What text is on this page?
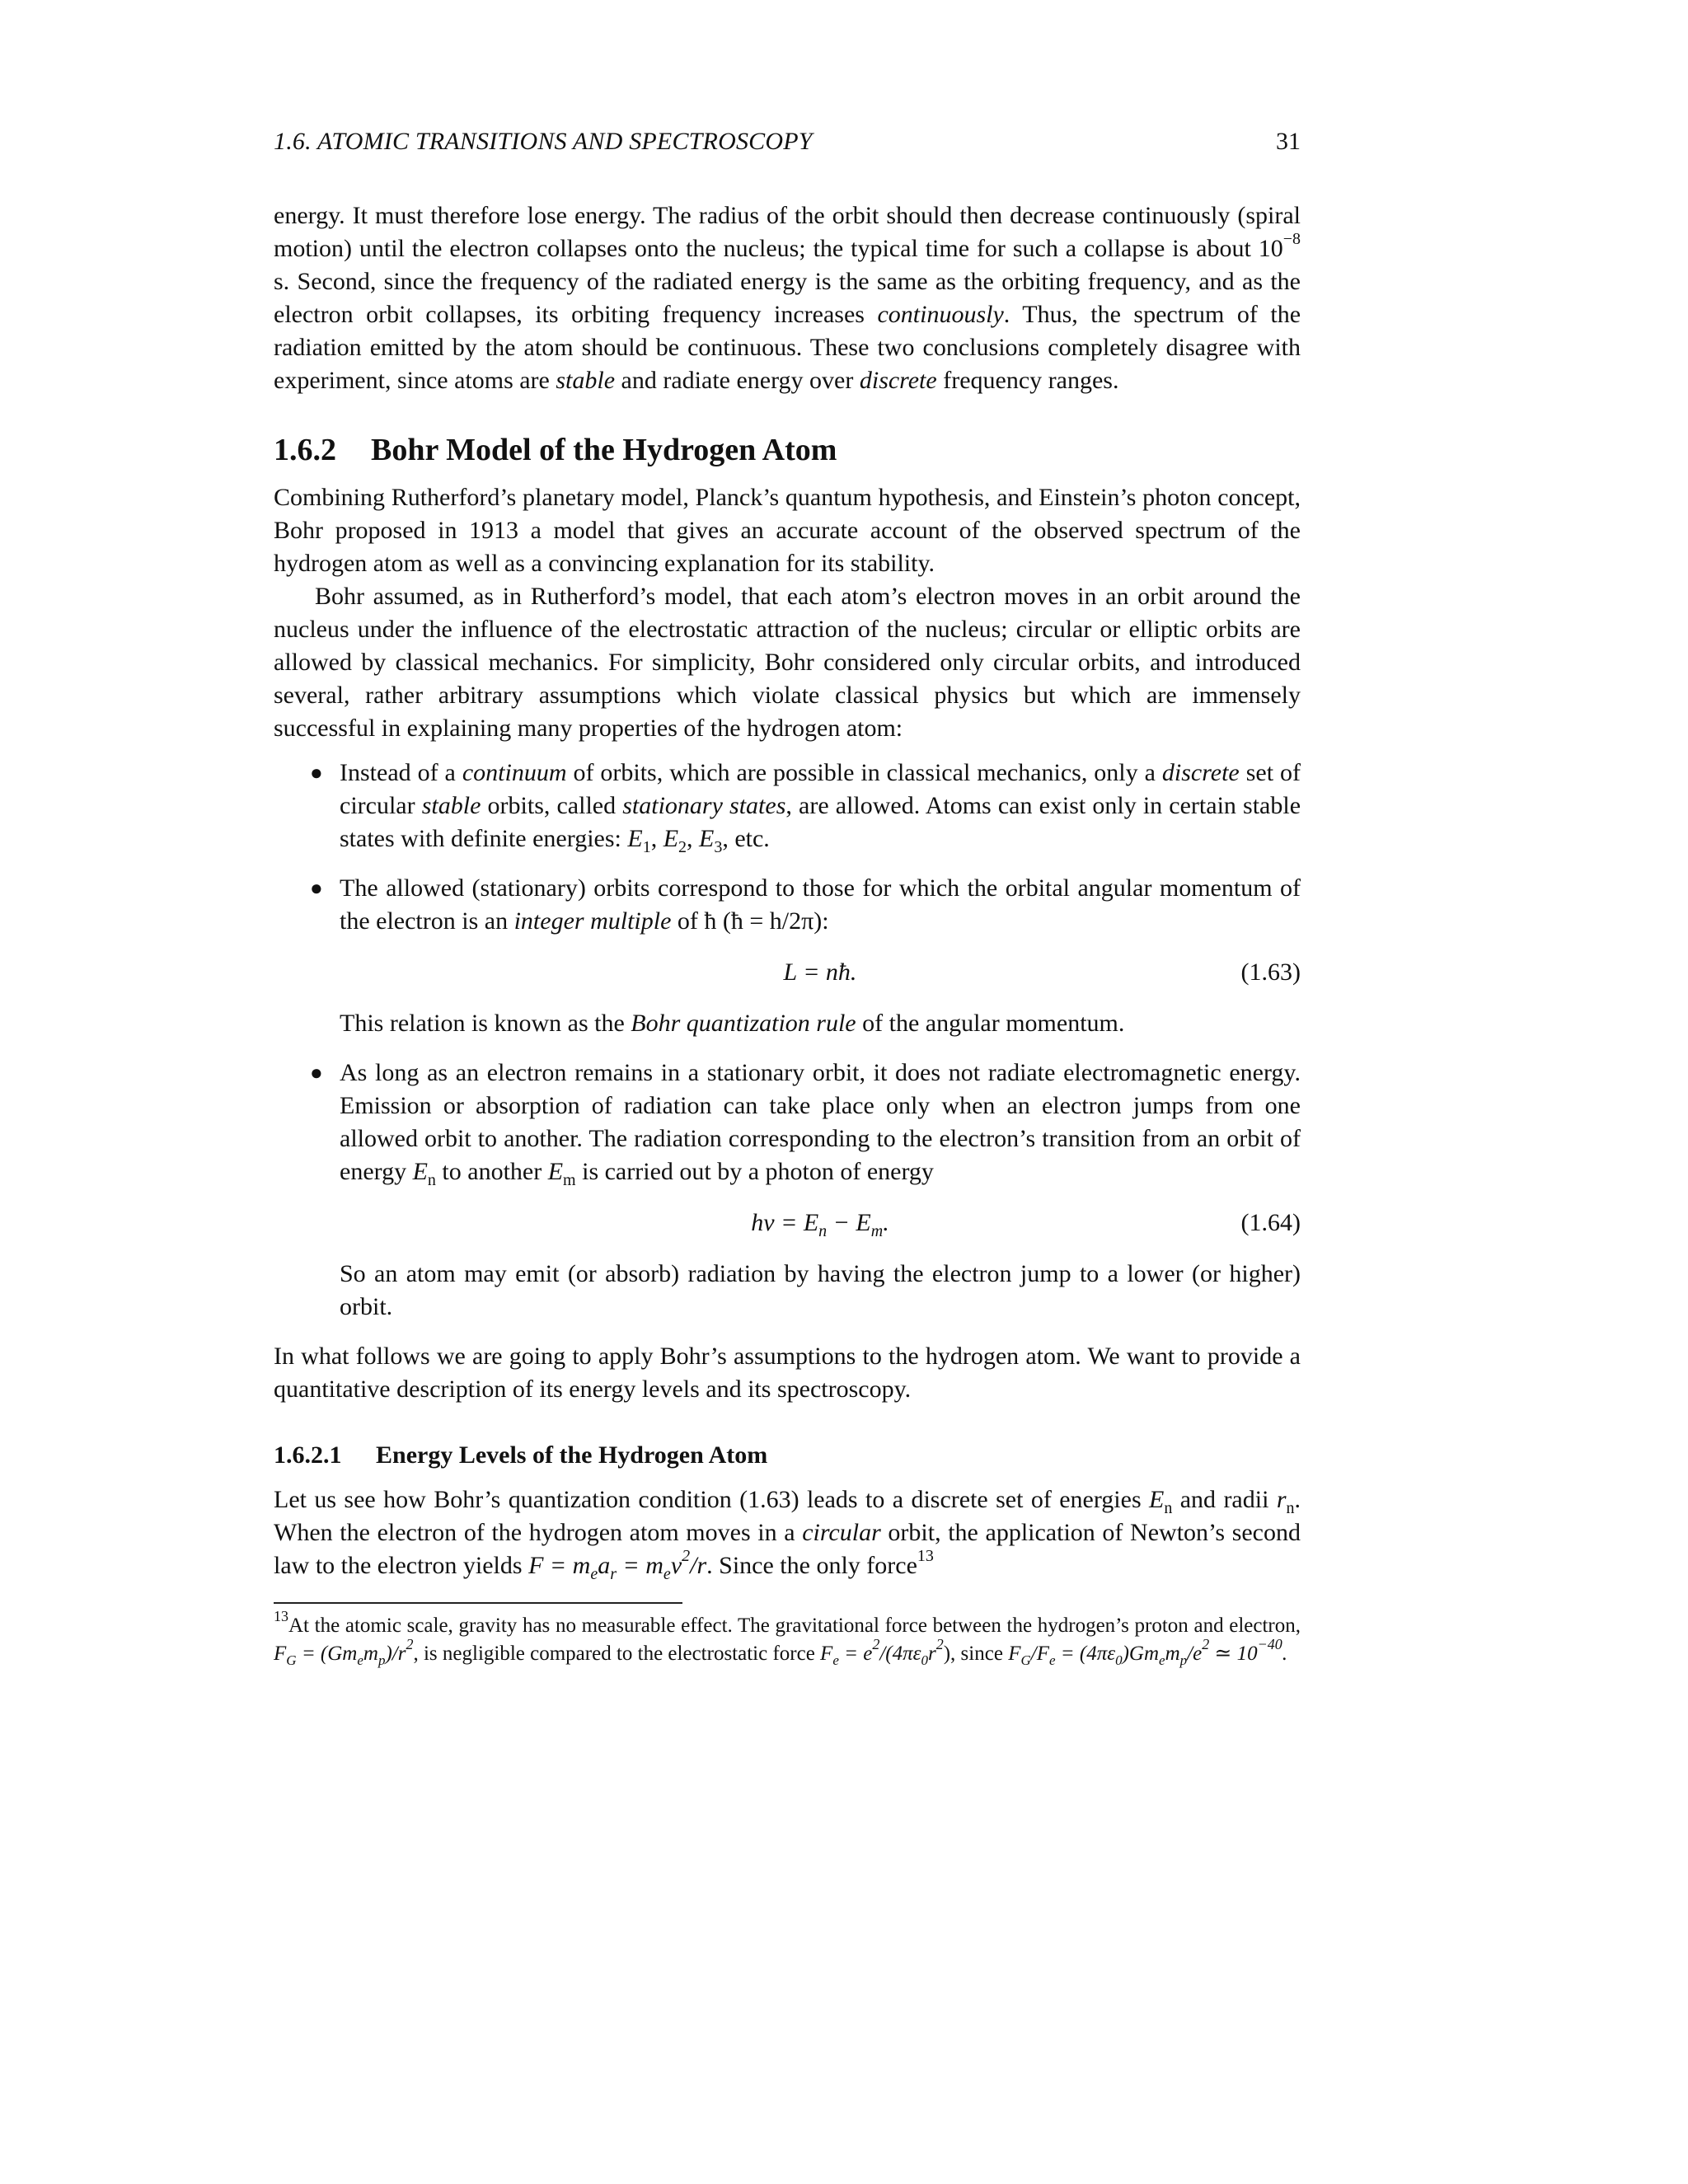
1.6. ATOMIC TRANSITIONS AND SPECTROSCOPY	31

energy. It must therefore lose energy. The radius of the orbit should then decrease continuously (spiral motion) until the electron collapses onto the nucleus; the typical time for such a collapse is about $10^{-8}$ s. Second, since the frequency of the radiated energy is the same as the orbiting frequency, and as the electron orbit collapses, its orbiting frequency increases continuously. Thus, the spectrum of the radiation emitted by the atom should be continuous. These two conclusions completely disagree with experiment, since atoms are stable and radiate energy over discrete frequency ranges.

1.6.2 Bohr Model of the Hydrogen Atom

Combining Rutherford’s planetary model, Planck’s quantum hypothesis, and Einstein’s photon concept, Bohr proposed in 1913 a model that gives an accurate account of the observed spectrum of the hydrogen atom as well as a convincing explanation for its stability.

Bohr assumed, as in Rutherford’s model, that each atom’s electron moves in an orbit around the nucleus under the influence of the electrostatic attraction of the nucleus; circular or elliptic orbits are allowed by classical mechanics. For simplicity, Bohr considered only circular orbits, and introduced several, rather arbitrary assumptions which violate classical physics but which are immensely successful in explaining many properties of the hydrogen atom:

● Instead of a continuum of orbits, which are possible in classical mechanics, only a discrete set of circular stable orbits, called stationary states, are allowed. Atoms can exist only in certain stable states with definite energies: $E_1$, $E_2$, $E_3$, etc.

● The allowed (stationary) orbits correspond to those for which the orbital angular momentum of the electron is an integer multiple of ħ (ħ = h/2π):

L = nħ.	(1.63)

This relation is known as the Bohr quantization rule of the angular momentum.

● As long as an electron remains in a stationary orbit, it does not radiate electromagnetic energy. Emission or absorption of radiation can take place only when an electron jumps from one allowed orbit to another. The radiation corresponding to the electron’s transition from an orbit of energy $E_n$ to another $E_m$ is carried out by a photon of energy

$h\nu = E_n - E_m$.	(1.64)

So an atom may emit (or absorb) radiation by having the electron jump to a lower (or higher) orbit.

In what follows we are going to apply Bohr’s assumptions to the hydrogen atom. We want to provide a quantitative description of its energy levels and its spectroscopy.

1.6.2.1 Energy Levels of the Hydrogen Atom

Let us see how Bohr’s quantization condition (1.63) leads to a discrete set of energies $E_n$ and radii $r_n$. When the electron of the hydrogen atom moves in a circular orbit, the application of Newton’s second law to the electron yields $F = m_ea_r = m_ev^2/r$. Since the only force$^{13}$

$^{13}$At the atomic scale, gravity has no measurable effect. The gravitational force between the hydrogen’s proton and electron, $F_G = (Gm_em_p)/r^2$, is negligible compared to the electrostatic force $F_e = e^2/(4\pi\varepsilon_0r^2)$, since $F_G/F_e = (4\pi\varepsilon_0)Gm_em_p/e^2$ ≃ $10^{-40}$.
